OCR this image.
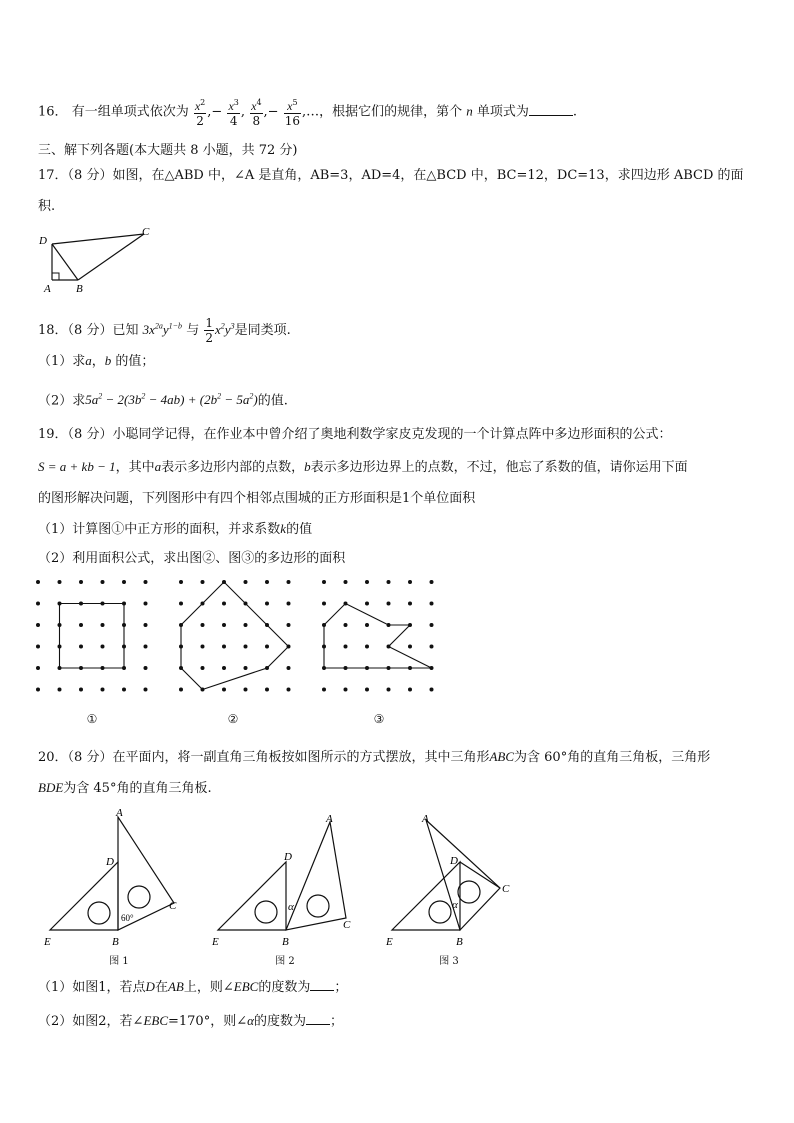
16． 有一组单项式依次为 $\frac{x^2}{2}$ ,− $\frac{x^3}{4}$ , $\frac{x^4}{8}$ ,− $\frac{x^5}{16}$ ,…，根据它们的规律，第个 n 单项式为	.
三、解下列各题(本大题共 8 小题，共 72 分)
17．（8 分）如图，在△ABD 中，∠A 是直角，AB=3，AD=4，在△BCD 中，BC=12，DC=13，求四边形 ABCD 的面
积.
D
C
A B
18．（8 分）已知 $3x^{2a}y^{1-b}$ 与 $\frac{1}{2} x^2y^3$是同类项.
（1）求a，b 的值；
（2）求$5a^2 - 2(3b^2 - 4ab) + (2b^2 - 5a^2)$的值.
19．（8 分）小聪同学记得，在作业本中曾介绍了奥地利数学家皮克发现的一个计算点阵中多边形面积的公式：
S = a + kb − 1，其中a表示多边形内部的点数，b表示多边形边界上的点数，不过，他忘了系数的值，请你运用下面
的图形解决问题，下列图形中有四个相邻点围城的正方形面积是1个单位面积
（1）计算图①中正方形的面积，并求系数k的值
（2）利用面积公式，求出图②、图③的多边形的面积
①	②	③
20．（8 分）在平面内，将一副直角三角板按如图所示的方式摆放，其中三角形ABC为含 60°角的直角三角板，三角形
BDE为含 45°角的直角三角板.
A
D
C
E	B
60°
图 1
A
D
C
E	B
α
图 2
A
D
C
E	B
α
图 3
（1）如图1，若点D在AB上，则∠EBC的度数为 ；
（2）如图2，若∠EBC=170°，则∠α的度数为 ；
